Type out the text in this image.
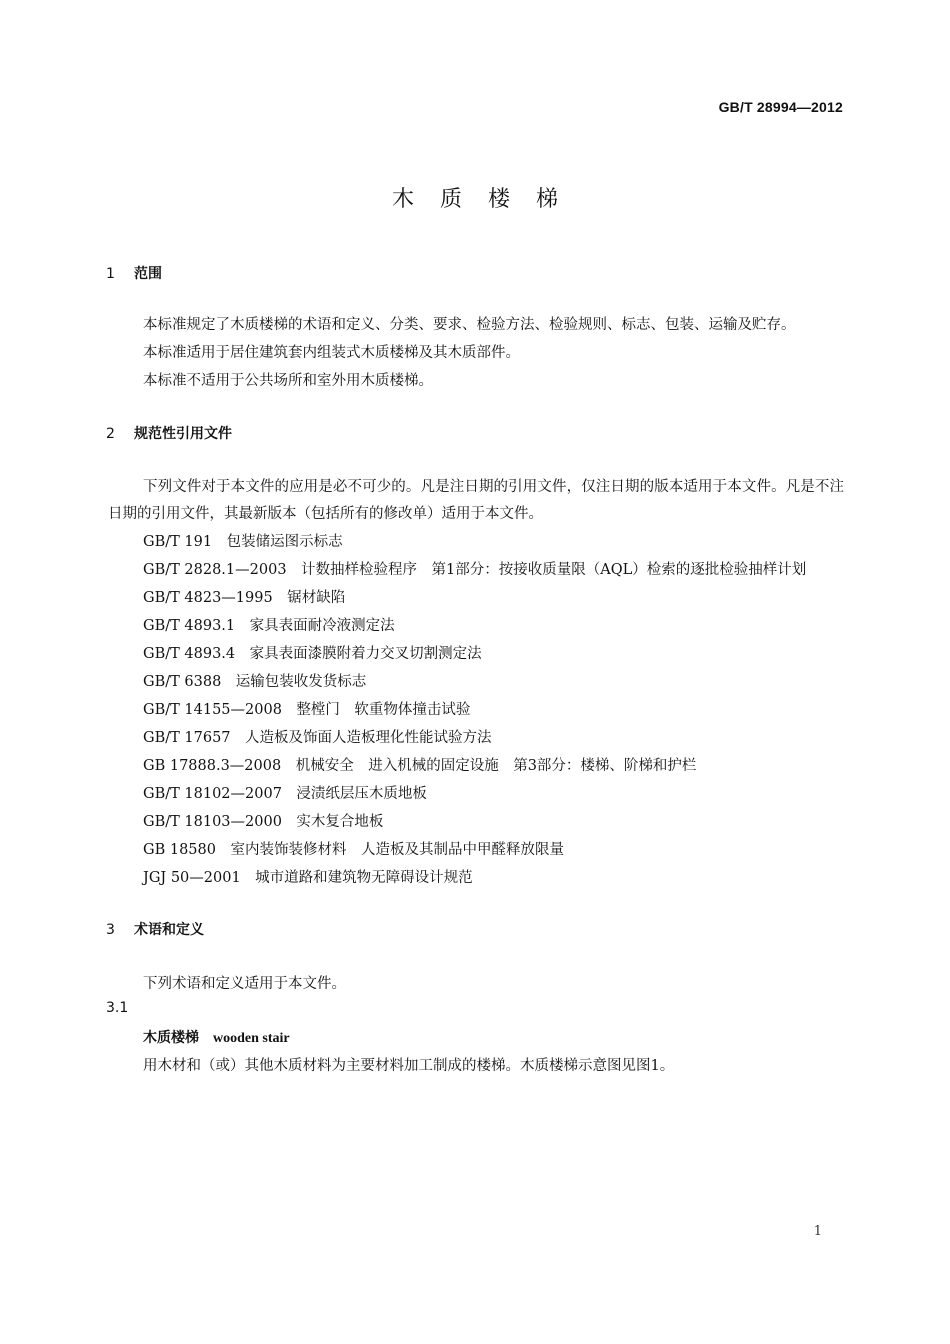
GB/T 28994—2012
木质楼梯
1 范围
本标准规定了木质楼梯的术语和定义、分类、要求、检验方法、检验规则、标志、包装、运输及贮存。
本标准适用于居住建筑套内组装式木质楼梯及其木质部件。
本标准不适用于公共场所和室外用木质楼梯。
2 规范性引用文件
下列文件对于本文件的应用是必不可少的。凡是注日期的引用文件，仅注日期的版本适用于本文件。凡是不注日期的引用文件，其最新版本（包括所有的修改单）适用于本文件。
GB/T 191　包装储运图示标志
GB/T 2828.1—2003　计数抽样检验程序　第1部分：按接收质量限（AQL）检索的逐批检验抽样计划
GB/T 4823—1995　锯材缺陷
GB/T 4893.1　家具表面耐冷液测定法
GB/T 4893.4　家具表面漆膜附着力交叉切割测定法
GB/T 6388　运输包装收发货标志
GB/T 14155—2008　整樘门　软重物体撞击试验
GB/T 17657　人造板及饰面人造板理化性能试验方法
GB 17888.3—2008　机械安全　进入机械的固定设施　第3部分：楼梯、阶梯和护栏
GB/T 18102—2007　浸渍纸层压木质地板
GB/T 18103—2000　实木复合地板
GB 18580　室内装饰装修材料　人造板及其制品中甲醛释放限量
JGJ 50—2001　城市道路和建筑物无障碍设计规范
3 术语和定义
下列术语和定义适用于本文件。
3.1
木质楼梯 wooden stair
用木材和（或）其他木质材料为主要材料加工制成的楼梯。木质楼梯示意图见图1。
1
